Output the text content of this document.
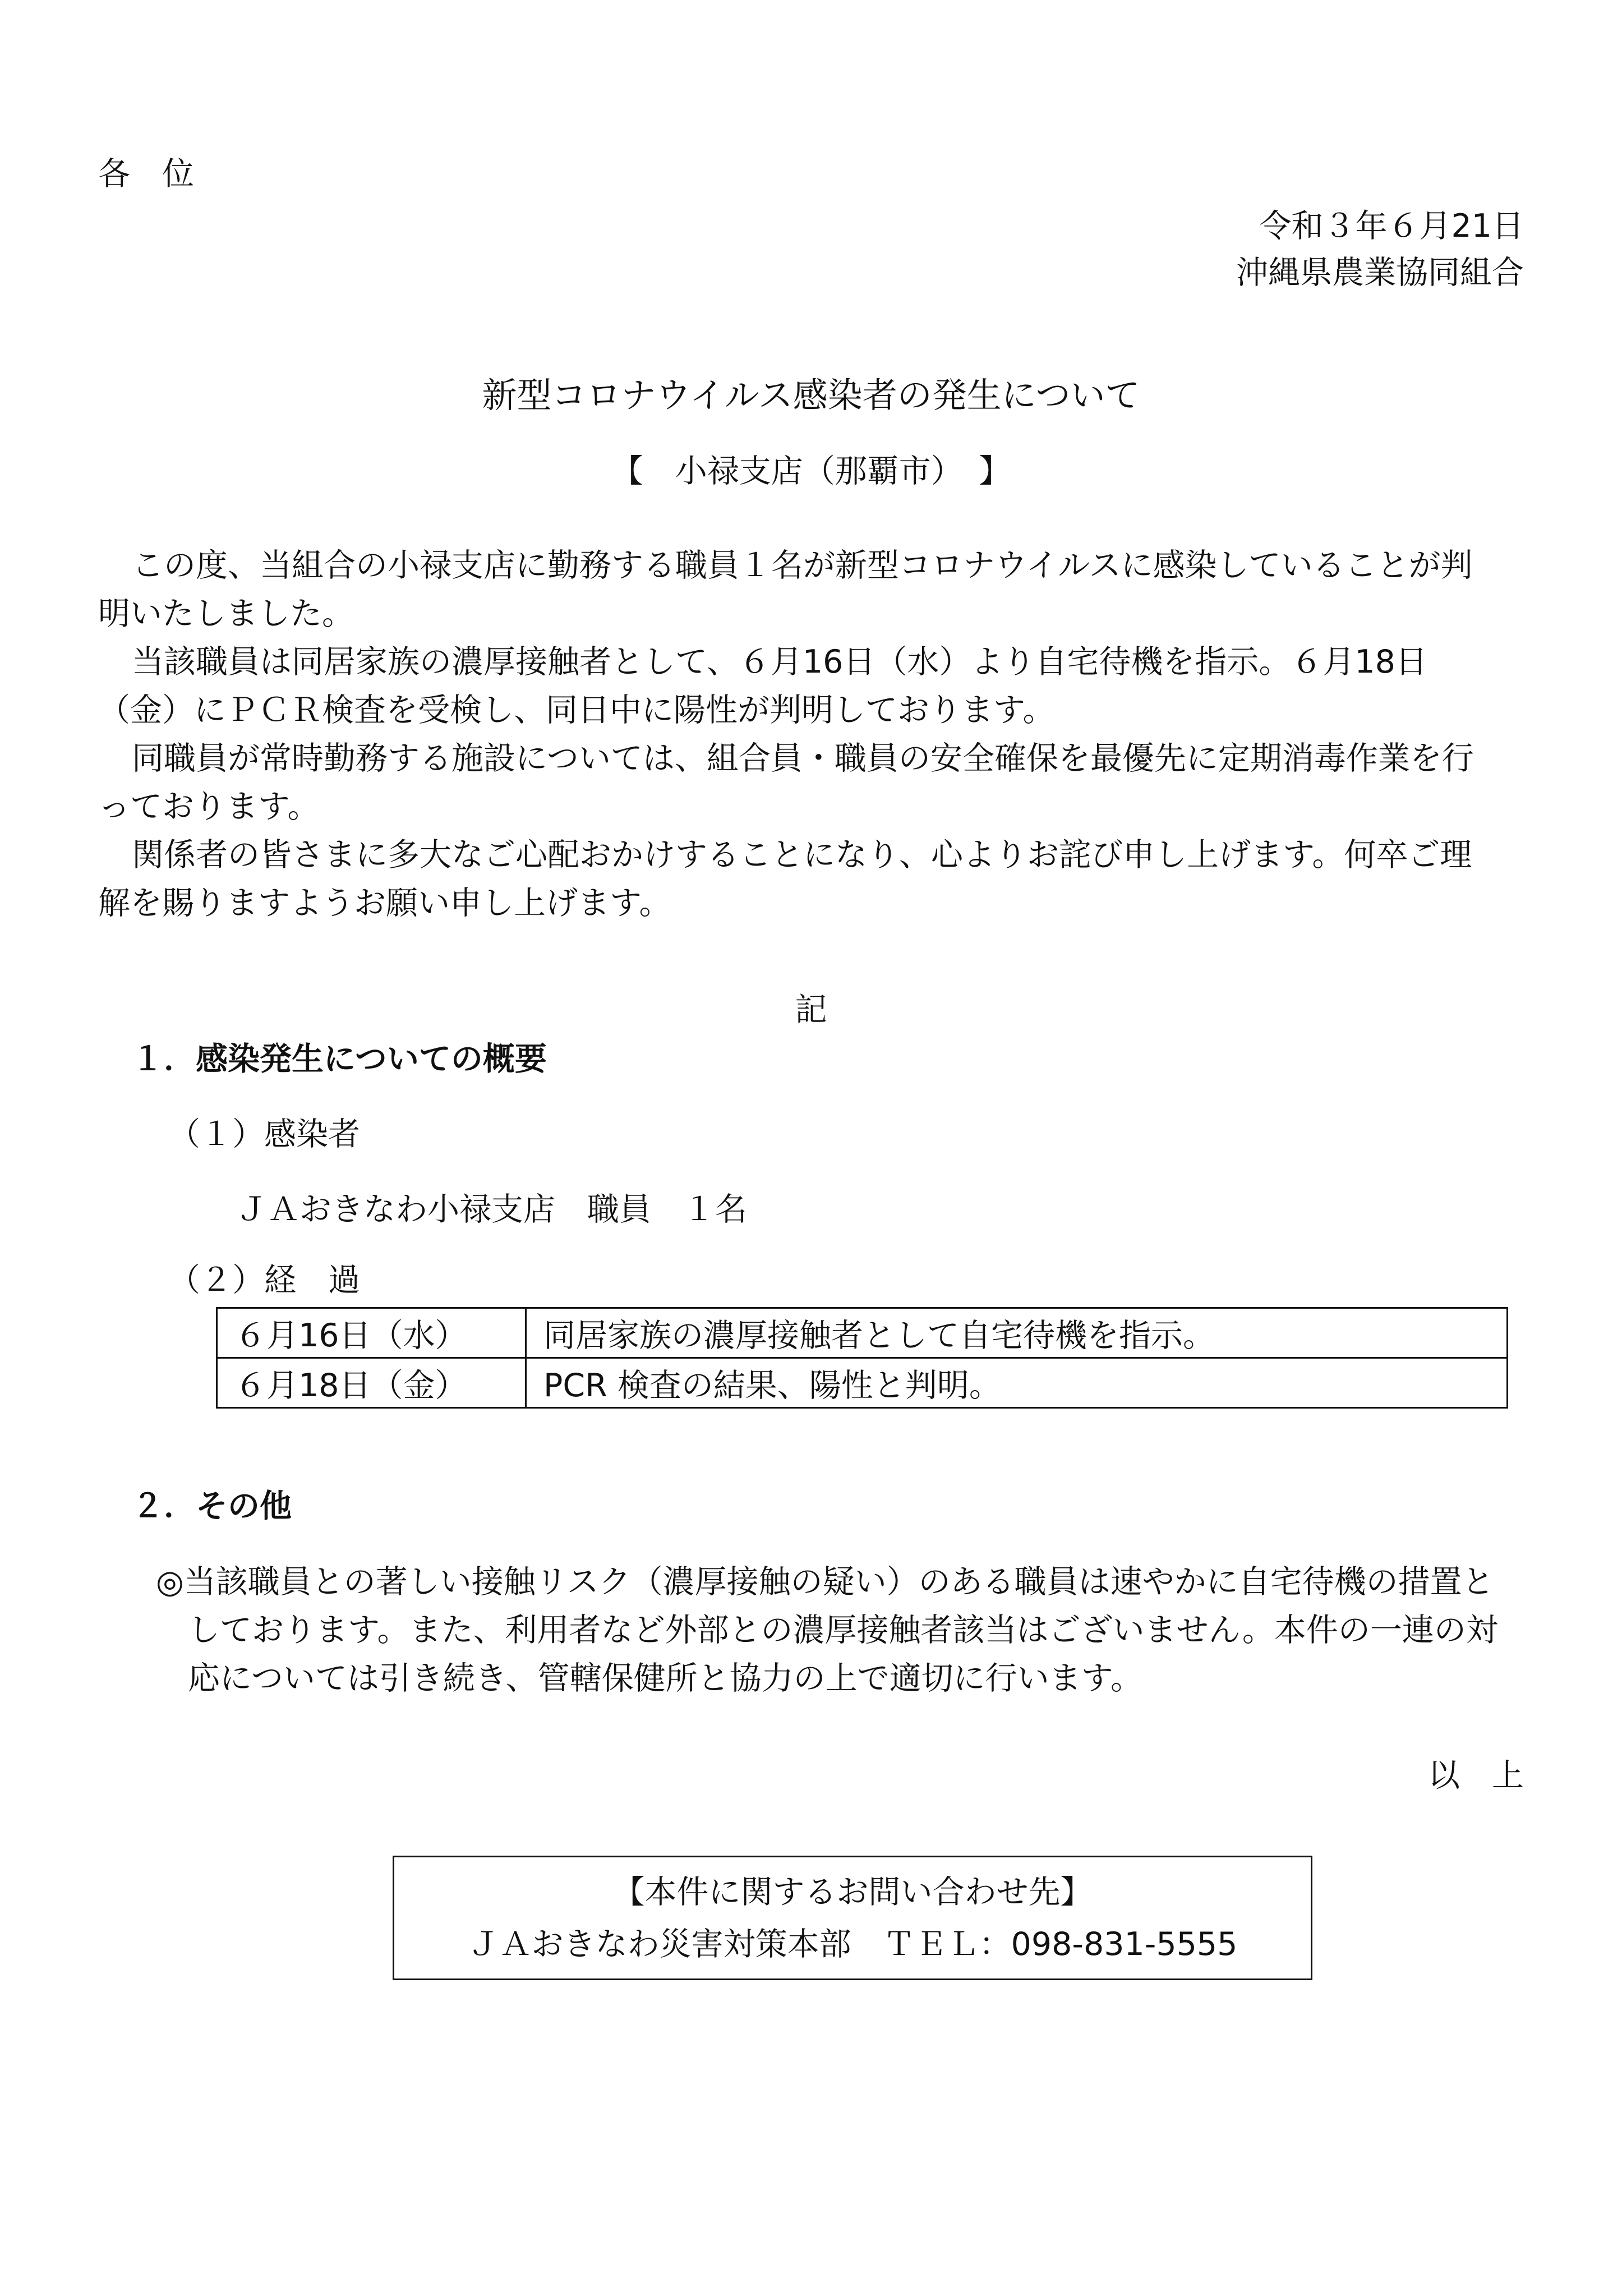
各　位
令和３年６月21日
沖縄県農業協同組合
新型コロナウイルス感染者の発生について
【　小禄支店（那覇市）　】
この度、当組合の小禄支店に勤務する職員１名が新型コロナウイルスに感染していることが判
明いたしました。
当該職員は同居家族の濃厚接触者として、６月16日（水）より自宅待機を指示。６月18日
（金）にＰＣＲ検査を受検し、同日中に陽性が判明しております。
同職員が常時勤務する施設については、組合員・職員の安全確保を最優先に定期消毒作業を行
っております。
関係者の皆さまに多大なご心配おかけすることになり、心よりお詫び申し上げます。何卒ご理
解を賜りますようお願い申し上げます。
記
１．感染発生についての概要
（１）感染者
ＪＡおきなわ小禄支店　職員　１名
（２）経　過
６月16日（水）	同居家族の濃厚接触者として自宅待機を指示。
６月18日（金）	PCR 検査の結果、陽性と判明。
２．その他
◎当該職員との著しい接触リスク（濃厚接触の疑い）のある職員は速やかに自宅待機の措置と
しております。また、利用者など外部との濃厚接触者該当はございません。本件の一連の対
応については引き続き、管轄保健所と協力の上で適切に行います。
以　上
【本件に関するお問い合わせ先】
ＪＡおきなわ災害対策本部　ＴＥＬ：098-831-5555
